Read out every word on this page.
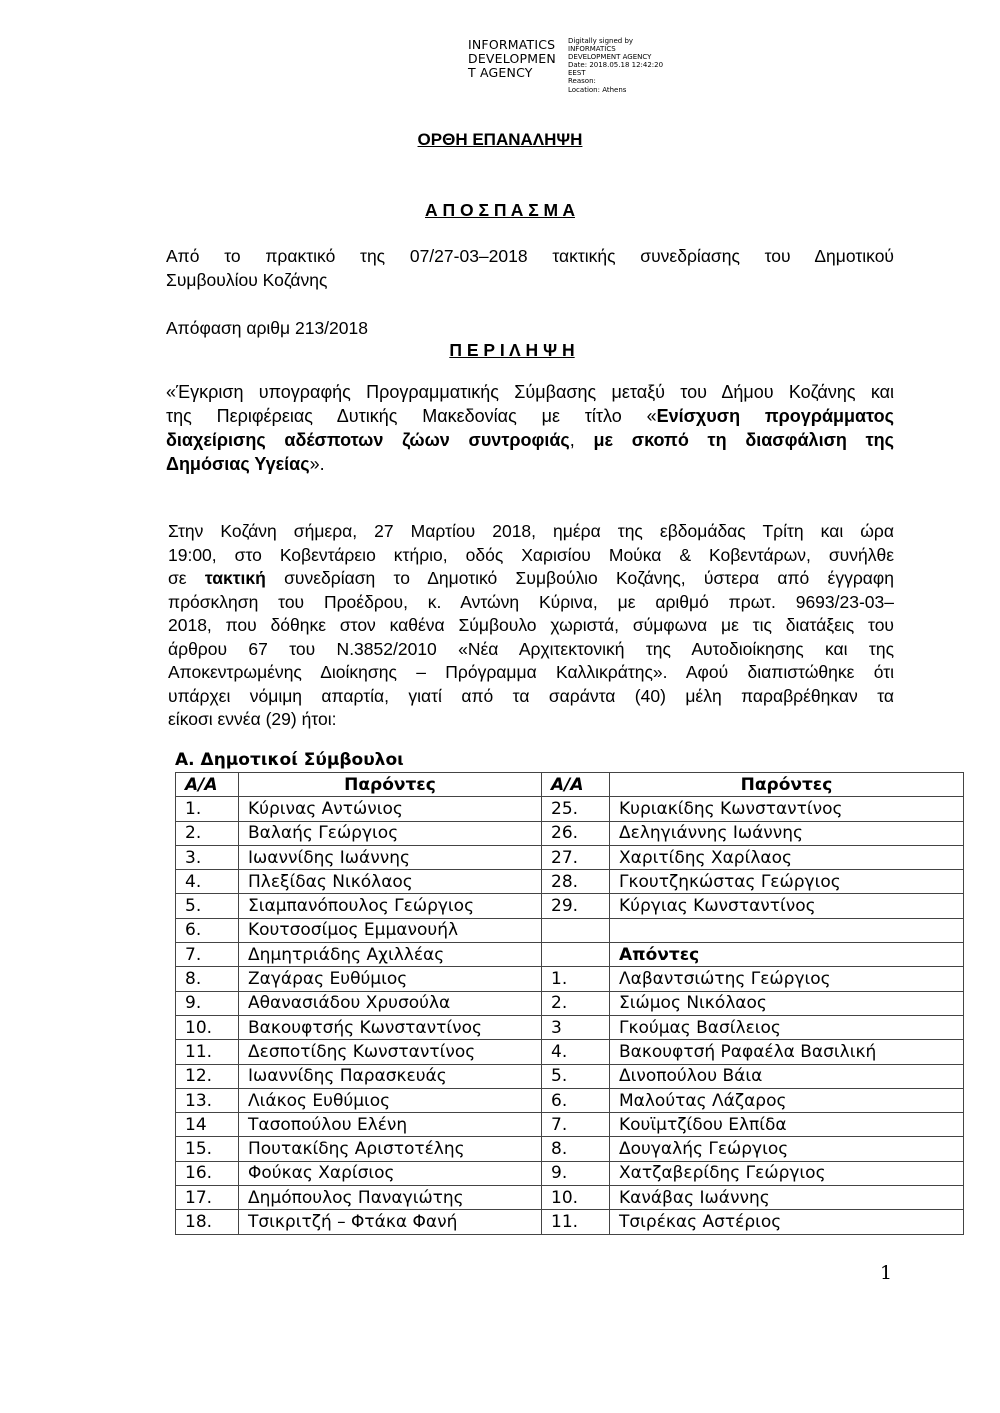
INFORMATICS
DEVELOPMEN
T AGENCY
Digitally signed by
INFORMATICS
DEVELOPMENT AGENCY
Date: 2018.05.18 12:42:20
EEST
Reason:
Location: Athens
ΟΡΘΗ ΕΠΑΝΑΛΗΨΗ
Α Π Ο Σ Π Α Σ Μ Α
Από το πρακτικό της 07/27-03–2018 τακτικής συνεδρίασης του Δημοτικού
Συμβουλίου Κοζάνης
Απόφαση αριθμ 213/2018
Π Ε Ρ Ι Λ Η Ψ Η
«Έγκριση υπογραφής Προγραμματικής Σύμβασης μεταξύ του Δήμου Κοζάνης και
της Περιφέρειας Δυτικής Μακεδονίας με τίτλο «Ενίσχυση προγράμματος
διαχείρισης αδέσποτων ζώων συντροφιάς, με σκοπό τη διασφάλιση της
Δημόσιας Υγείας».
Στην Κοζάνη σήμερα, 27 Μαρτίου 2018, ημέρα της εβδομάδας Τρίτη και ώρα
19:00, στο Κοβεντάρειο κτήριο, οδός Χαρισίου Μούκα & Κοβεντάρων, συνήλθε
σε τακτική συνεδρίαση το Δημοτικό Συμβούλιο Κοζάνης, ύστερα από έγγραφη
πρόσκληση του Προέδρου, κ. Αντώνη Κύρινα, με αριθμό πρωτ. 9693/23-03–
2018, που δόθηκε στον καθένα Σύμβουλο χωριστά, σύμφωνα με τις διατάξεις του
άρθρου 67 του Ν.3852/2010 «Νέα Αρχιτεκτονική της Αυτοδιοίκησης και της
Αποκεντρωμένης Διοίκησης – Πρόγραμμα Καλλικράτης». Αφού διαπιστώθηκε ότι
υπάρχει νόμιμη απαρτία, γιατί από τα σαράντα (40) μέλη παραβρέθηκαν τα
είκοσι εννέα (29) ήτοι:
Α. Δημοτικοί Σύμβουλοι
Α/Α	Παρόντες	Α/Α	Παρόντες
1.	Κύρινας Αντώνιος	25.	Κυριακίδης Κωνσταντίνος
2.	Βαλαής Γεώργιος	26.	Δεληγιάννης Ιωάννης
3.	Ιωαννίδης Ιωάννης	27.	Χαριτίδης Χαρίλαος
4.	Πλεξίδας Νικόλαος	28.	Γκουτζηκώστας Γεώργιος
5.	Σιαμπανόπουλος Γεώργιος	29.	Κύργιας Κωνσταντίνος
6.	Κουτσοσίμος Εμμανουήλ		
7.	Δημητριάδης Αχιλλέας		Απόντες
8.	Ζαγάρας Ευθύμιος	1.	Λαβαντσιώτης Γεώργιος
9.	Αθανασιάδου Χρυσούλα	2.	Σιώμος Νικόλαος
10.	Βακουφτσής Κωνσταντίνος	3	Γκούμας Βασίλειος
11.	Δεσποτίδης Κωνσταντίνος	4.	Βακουφτσή Ραφαέλα Βασιλική
12.	Ιωαννίδης Παρασκευάς	5.	Δινοπούλου Βάια
13.	Λιάκος Ευθύμιος	6.	Μαλούτας Λάζαρος
14	Τασοπούλου Ελένη	7.	Κουϊμτζίδου Ελπίδα
15.	Πουτακίδης Αριστοτέλης	8.	Δουγαλής Γεώργιος
16.	Φούκας Χαρίσιος	9.	Χατζαβερίδης Γεώργιος
17.	Δημόπουλος Παναγιώτης	10.	Κανάβας Ιωάννης
18.	Τσικριτζή – Φτάκα Φανή	11.	Τσιρέκας Αστέριος
1
